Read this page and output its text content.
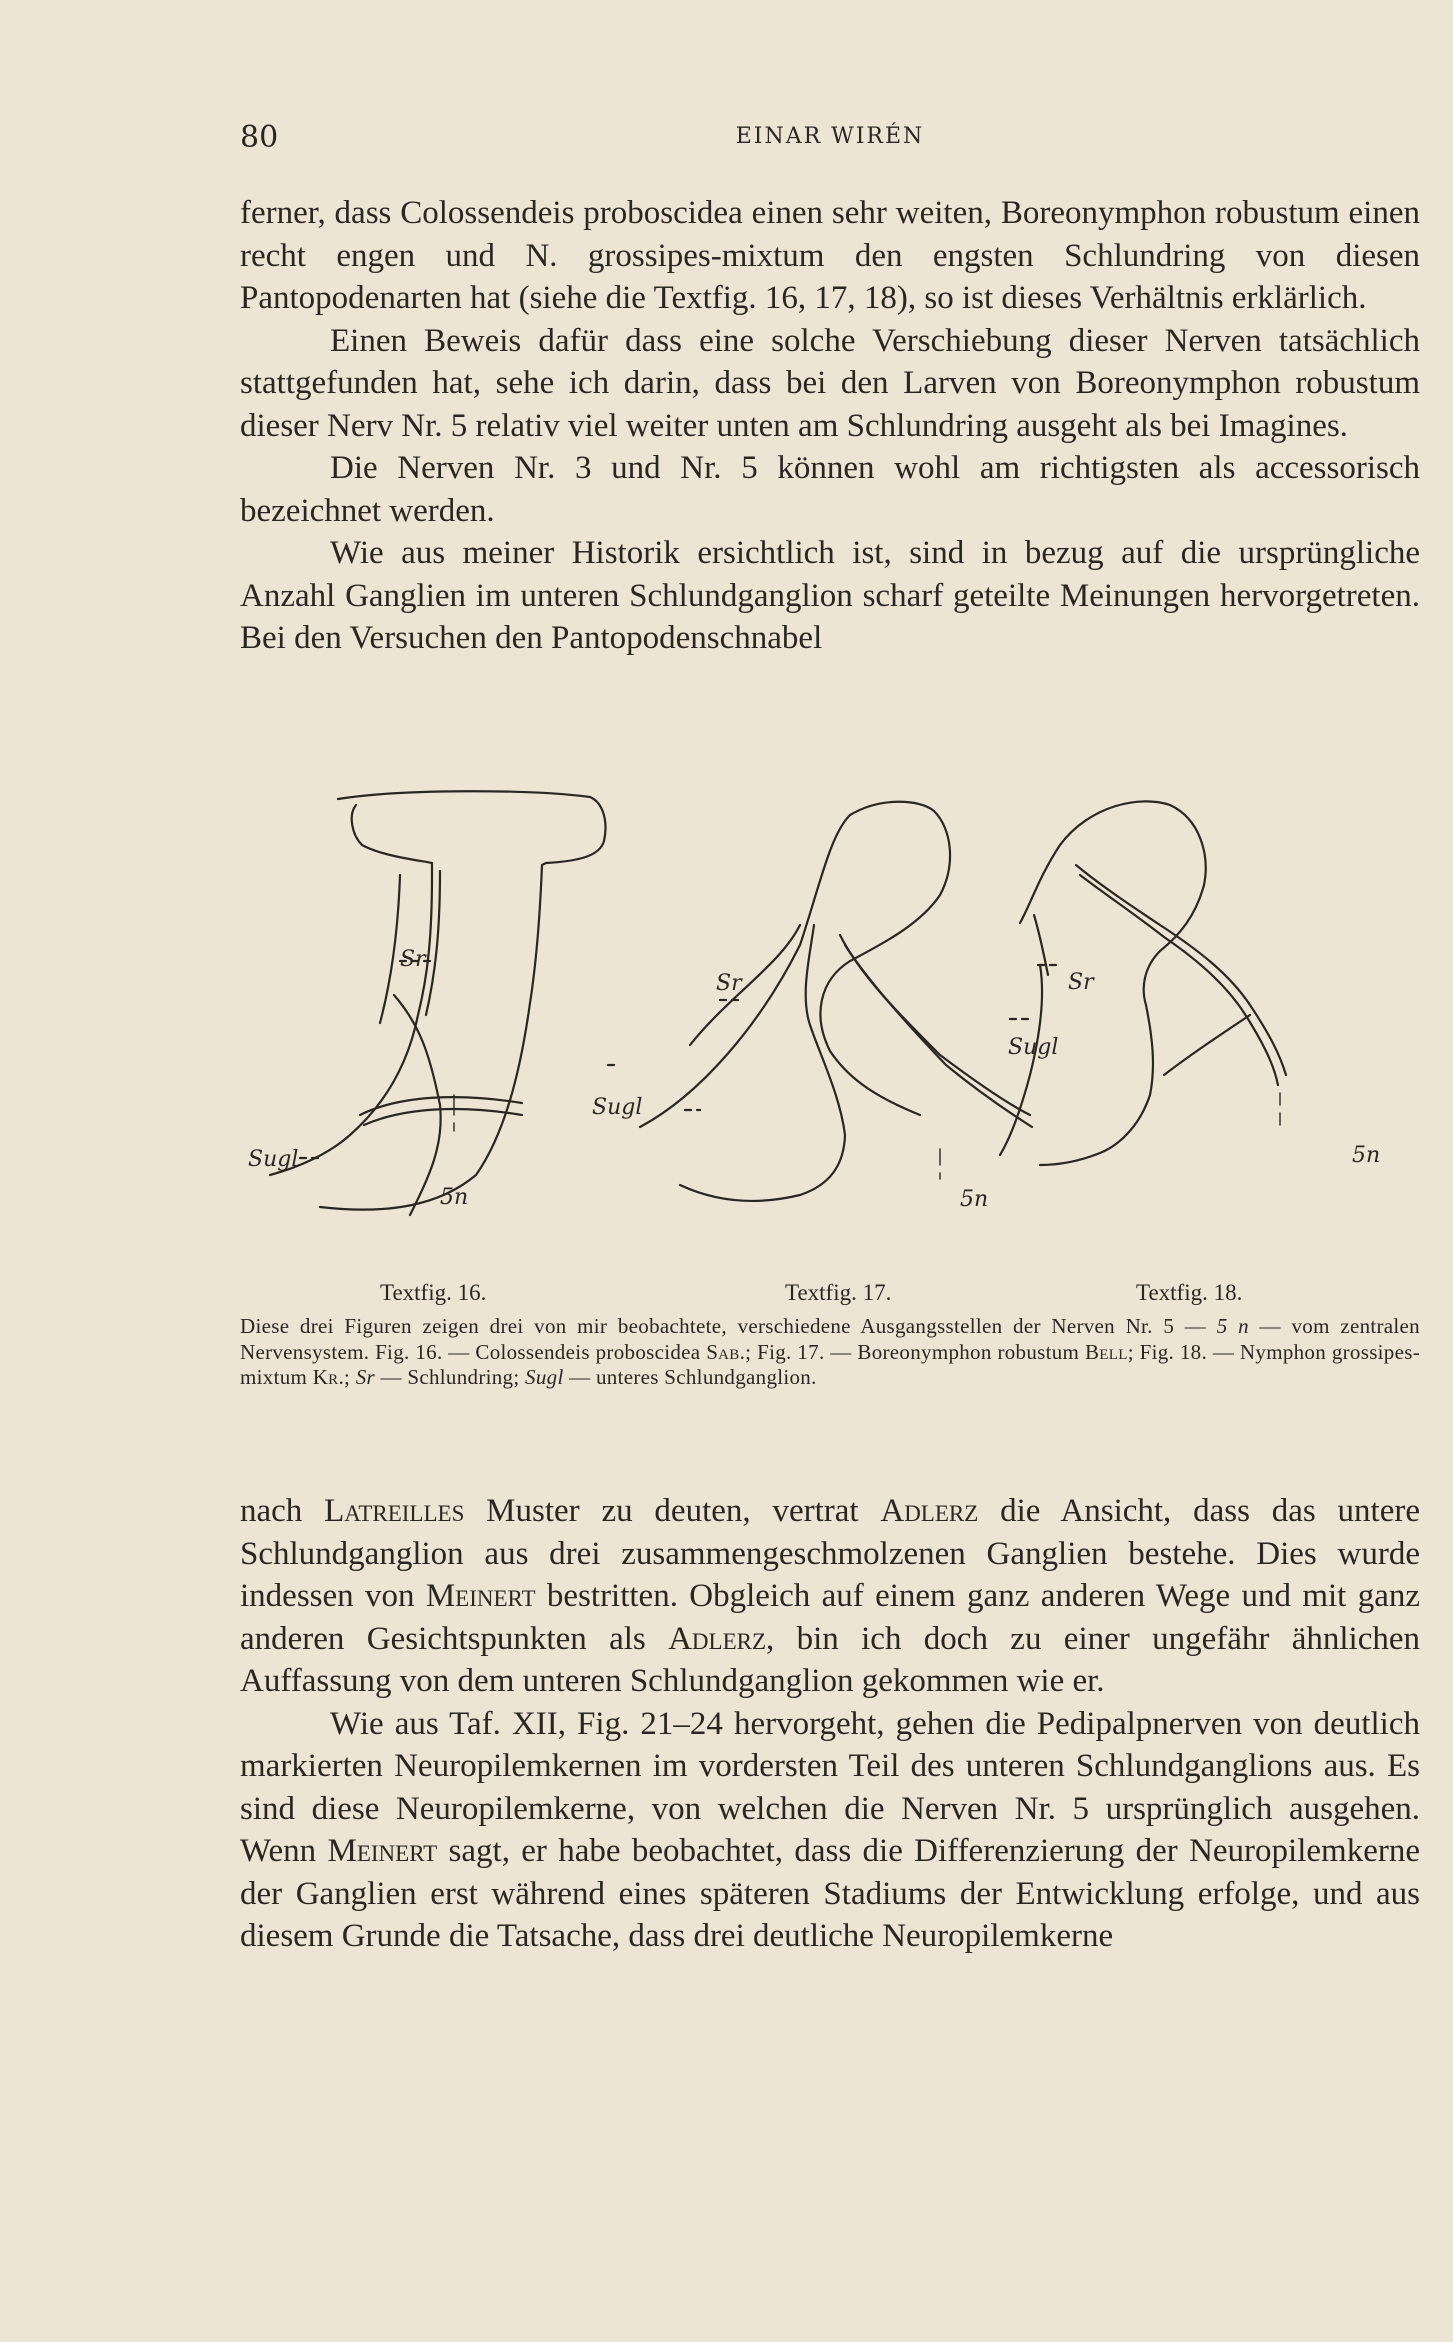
80	EINAR WIRÉN

ferner, dass Colossendeis proboscidea einen sehr weiten, Boreonymphon robustum einen recht engen und N. grossipes-mixtum den engsten Schlundring von diesen Pantopodenarten hat (siehe die Textfig. 16, 17, 18), so ist dieses Verhältnis erklärlich.

Einen Beweis dafür dass eine solche Verschiebung dieser Nerven tatsächlich stattgefunden hat, sehe ich darin, dass bei den Larven von Boreonymphon robustum dieser Nerv Nr. 5 relativ viel weiter unten am Schlundring ausgeht als bei Imagines.

Die Nerven Nr. 3 und Nr. 5 können wohl am richtigsten als accessorisch bezeichnet werden.

Wie aus meiner Historik ersichtlich ist, sind in bezug auf die ursprüngliche Anzahl Ganglien im unteren Schlundganglion scharf geteilte Meinungen hervorgetreten. Bei den Versuchen den Pantopodenschnabel

Sr
Sugl
5n
Sr
Sugl
5n
Sr
Sugl
5n
Textfig. 16.	Textfig. 17.	Textfig. 18.
Diese drei Figuren zeigen drei von mir beobachtete, verschiedene Ausgangsstellen der Nerven Nr. 5 — 5 n — vom zentralen Nervensystem. Fig. 16. — Colossendeis proboscidea Sab.; Fig. 17. — Boreonymphon robustum Bell; Fig. 18. — Nymphon grossipes-mixtum Kr.; Sr — Schlundring; Sugl — unteres Schlundganglion.

nach Latreilles Muster zu deuten, vertrat Adlerz die Ansicht, dass das untere Schlundganglion aus drei zusammengeschmolzenen Ganglien bestehe. Dies wurde indessen von Meinert bestritten. Obgleich auf einem ganz anderen Wege und mit ganz anderen Gesichtspunkten als Adlerz, bin ich doch zu einer ungefähr ähnlichen Auffassung von dem unteren Schlundganglion gekommen wie er.

Wie aus Taf. XII, Fig. 21–24 hervorgeht, gehen die Pedipalpnerven von deutlich markierten Neuropilemkernen im vordersten Teil des unteren Schlundganglions aus. Es sind diese Neuropilemkerne, von welchen die Nerven Nr. 5 ursprünglich ausgehen. Wenn Meinert sagt, er habe beobachtet, dass die Differenzierung der Neuropilemkerne der Ganglien erst während eines späteren Stadiums der Entwicklung erfolge, und aus diesem Grunde die Tatsache, dass drei deutliche Neuropilemkerne
